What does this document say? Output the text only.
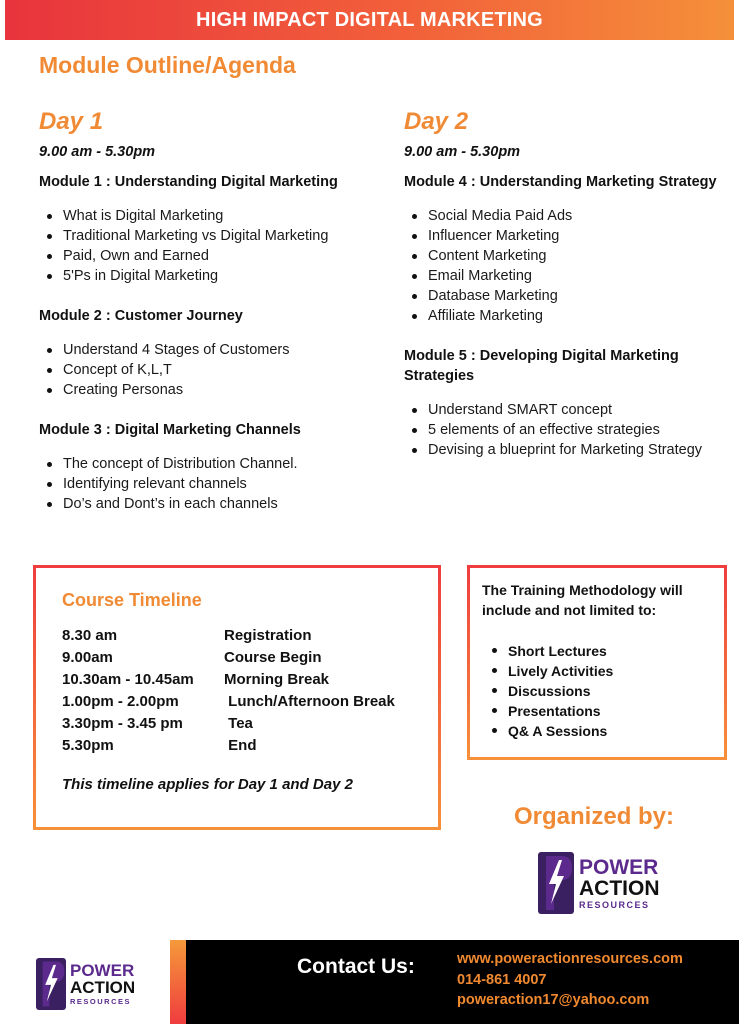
HIGH IMPACT DIGITAL MARKETING
Module Outline/Agenda
Day 1
9.00 am - 5.30pm
Module 1 : Understanding Digital Marketing
What is Digital Marketing
Traditional Marketing vs Digital Marketing
Paid, Own and Earned
5'Ps in Digital Marketing
Module 2 : Customer Journey
Understand 4 Stages of Customers
Concept of K,L,T
Creating Personas
Module 3 : Digital Marketing Channels
The concept of Distribution Channel.
Identifying relevant channels
Do’s and Dont’s in each channels
Day 2
9.00 am - 5.30pm
Module 4 : Understanding Marketing Strategy
Social Media Paid Ads
Influencer Marketing
Content Marketing
Email Marketing
Database Marketing
Affiliate Marketing
Module 5 : Developing Digital Marketing Strategies
Understand SMART concept
5 elements of an effective strategies
Devising a blueprint for Marketing Strategy
Course Timeline
8.30 am	Registration
9.00am	Course Begin
10.30am - 10.45am	Morning Break
1.00pm - 2.00pm	Lunch/Afternoon Break
3.30pm - 3.45 pm	Tea
5.30pm	End
This timeline applies for Day 1 and Day 2
The Training Methodology will include and not limited to:
Short Lectures
Lively Activities
Discussions
Presentations
Q& A Sessions
Organized by:
POWER
ACTION
RESOURCES
POWER
ACTION
RESOURCES
Contact Us:	www.poweractionresources.com
014-861 4007
poweraction17@yahoo.com
